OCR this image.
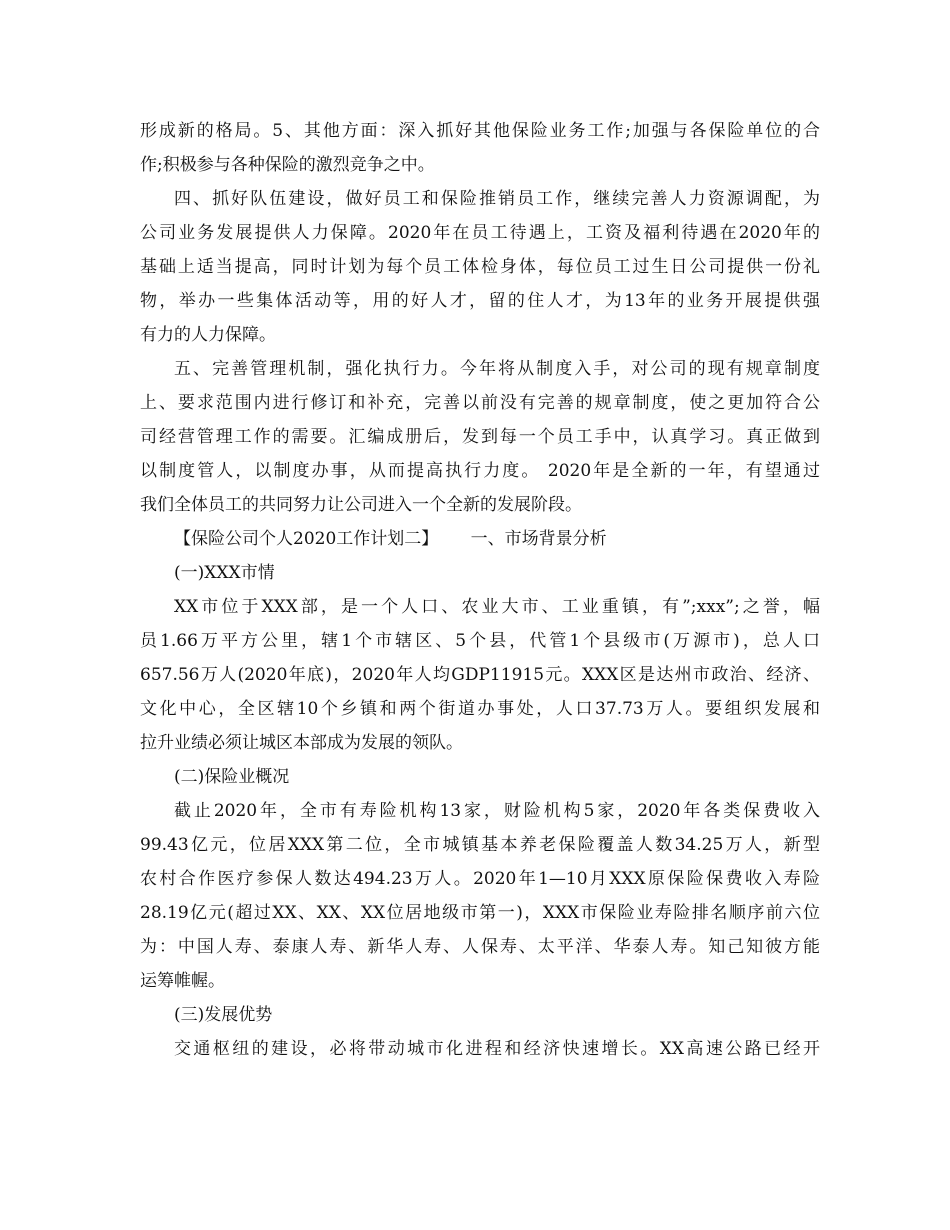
形成新的格局。5、其他方面：深入抓好其他保险业务工作;加强与各保险单位的合
作;积极参与各种保险的激烈竞争之中。
四、抓好队伍建设，做好员工和保险推销员工作，继续完善人力资源调配，为
公司业务发展提供人力保障。2020年在员工待遇上，工资及福利待遇在2020年的
基础上适当提高，同时计划为每个员工体检身体，每位员工过生日公司提供一份礼
物，举办一些集体活动等，用的好人才，留的住人才，为13年的业务开展提供强
有力的人力保障。
五、完善管理机制，强化执行力。今年将从制度入手，对公司的现有规章制度
上、要求范围内进行修订和补充，完善以前没有完善的规章制度，使之更加符合公
司经营管理工作的需要。汇编成册后，发到每一个员工手中，认真学习。真正做到
以制度管人，以制度办事，从而提高执行力度。 2020年是全新的一年，有望通过
我们全体员工的共同努力让公司进入一个全新的发展阶段。
【保险公司个人2020工作计划二】      一、市场背景分析
(一)XXX市情
XX市位于XXX部，是一个人口、农业大市、工业重镇，有”;xxx”;之誉，幅
员1.66万平方公里，辖1个市辖区、5个县，代管1个县级市(万源市)，总人口
657.56万人(2020年底)，2020年人均GDP11915元。XXX区是达州市政治、经济、
文化中心，全区辖10个乡镇和两个街道办事处，人口37.73万人。要组织发展和
拉升业绩必须让城区本部成为发展的领队。
(二)保险业概况
截止2020年，全市有寿险机构13家，财险机构5家，2020年各类保费收入
99.43亿元，位居XXX第二位，全市城镇基本养老保险覆盖人数34.25万人，新型
农村合作医疗参保人数达494.23万人。2020年1—10月XXX原保险保费收入寿险
28.19亿元(超过XX、XX、XX位居地级市第一)，XXX市保险业寿险排名顺序前六位
为：中国人寿、泰康人寿、新华人寿、人保寿、太平洋、华泰人寿。知己知彼方能
运筹帷幄。
(三)发展优势
交通枢纽的建设，必将带动城市化进程和经济快速增长。XX高速公路已经开
